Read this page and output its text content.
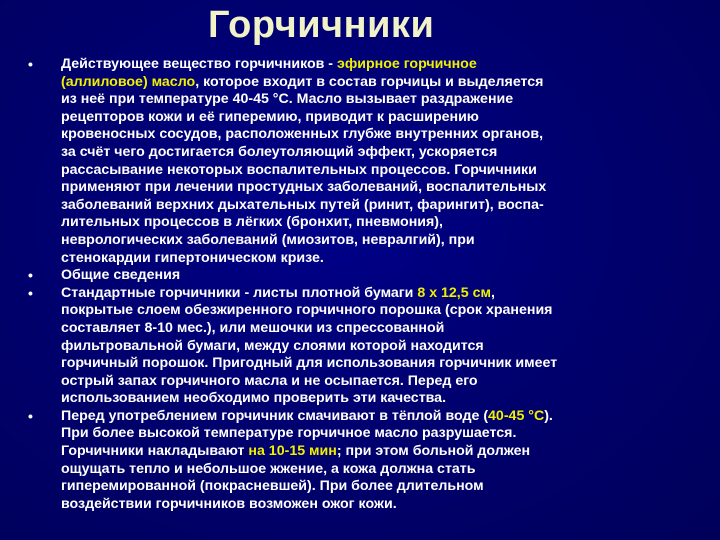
Горчичники
• Действующее вещество горчичников - эфирное горчичное
(аллиловое) масло, которое входит в состав горчицы и выделяется
из неё при температуре 40-45 °С. Масло вызывает раздражение
рецепторов кожи и её гиперемию, приводит к расширению
кровеносных сосудов, расположенных глубже внутренних органов,
за счёт чего достигается болеутоляющий эффект, ускоряется
рассасывание некоторых воспалительных процессов. Горчичники
применяют при лечении простудных заболеваний, воспалительных
заболеваний верхних дыхательных путей (ринит, фарингит), воспа-
лительных процессов в лёгких (бронхит, пневмония),
неврологических заболеваний (миозитов, невралгий), при
стенокардии гипертоническом кризе.
• Общие сведения
• Стандартные горчичники - листы плотной бумаги 8 x 12,5 см,
покрытые слоем обезжиренного горчичного порошка (срок хранения
составляет 8-10 мес.), или мешочки из спрессованной
фильтровальной бумаги, между слоями которой находится
горчичный порошок. Пригодный для использования горчичник имеет
острый запах горчичного масла и не осыпается. Перед его
использованием необходимо проверить эти качества.
• Перед употреблением горчичник смачивают в тёплой воде (40-45 °С).
При более высокой температуре горчичное масло разрушается.
Горчичники накладывают на 10-15 мин; при этом больной должен
ощущать тепло и небольшое жжение, а кожа должна стать
гиперемированной (покрасневшей). При более длительном
воздействии горчичников возможен ожог кожи.
